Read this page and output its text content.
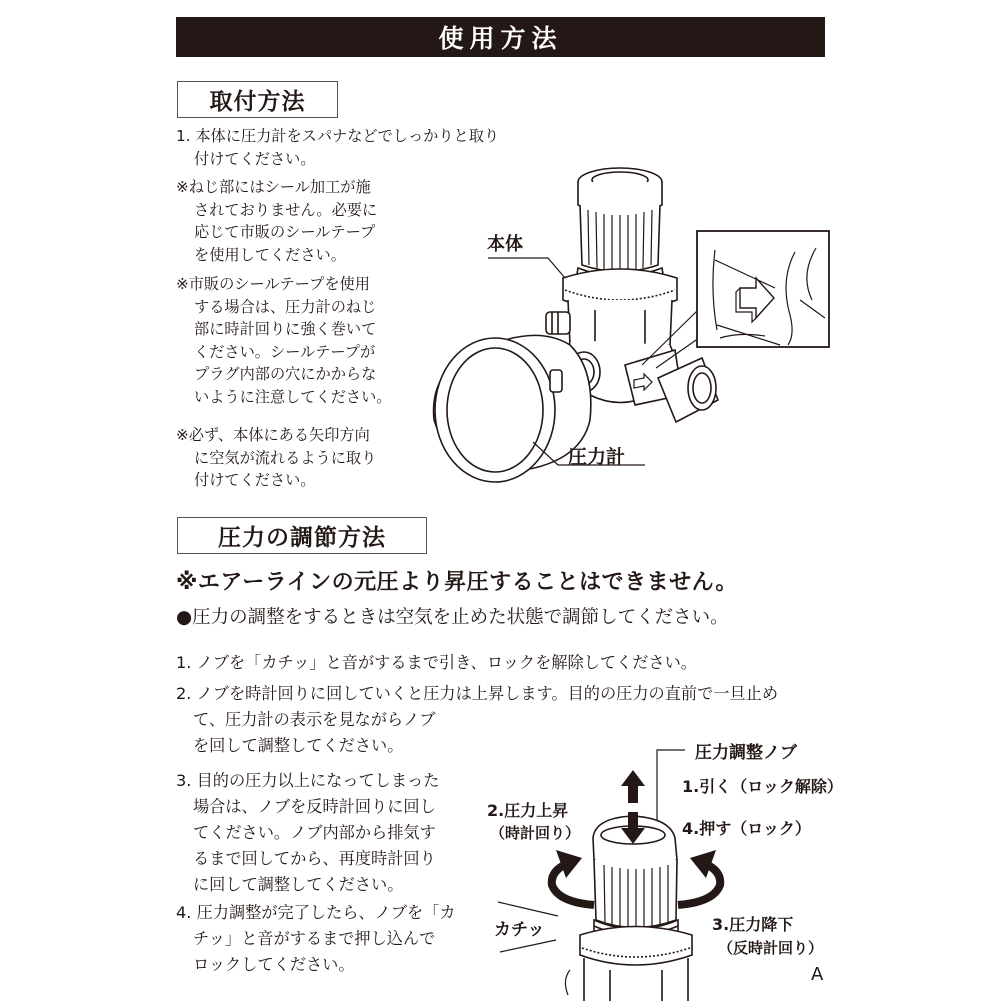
使用方法
取付方法
1. 本体に圧力計をスパナなどでしっかりと取り
付けてください。
※ねじ部にはシール加工が施
されておりません。必要に
応じて市販のシールテープ
を使用してください。
※市販のシールテープを使用
する場合は、圧力計のねじ
部に時計回りに強く巻いて
ください。シールテープが
プラグ内部の穴にかからな
いように注意してください。
※必ず、本体にある矢印方向
に空気が流れるように取り
付けてください。
本体
圧力計
圧力の調節方法
※エアーラインの元圧より昇圧することはできません。
●圧力の調整をするときは空気を止めた状態で調節してください。
1. ノブを「カチッ」と音がするまで引き、ロックを解除してください。
2. ノブを時計回りに回していくと圧力は上昇します。目的の圧力の直前で一旦止め
て、圧力計の表示を見ながらノブ
を回して調整してください。
3. 目的の圧力以上になってしまった
場合は、ノブを反時計回りに回し
てください。ノブ内部から排気す
るまで回してから、再度時計回り
に回して調整してください。
4. 圧力調整が完了したら、ノブを「カ
チッ」と音がするまで押し込んで
ロックしてください。
圧力調整ノブ
1.引く（ロック解除）
4.押す（ロック）
2.圧力上昇
（時計回り）
3.圧力降下
（反時計回り）
カチッ
A
